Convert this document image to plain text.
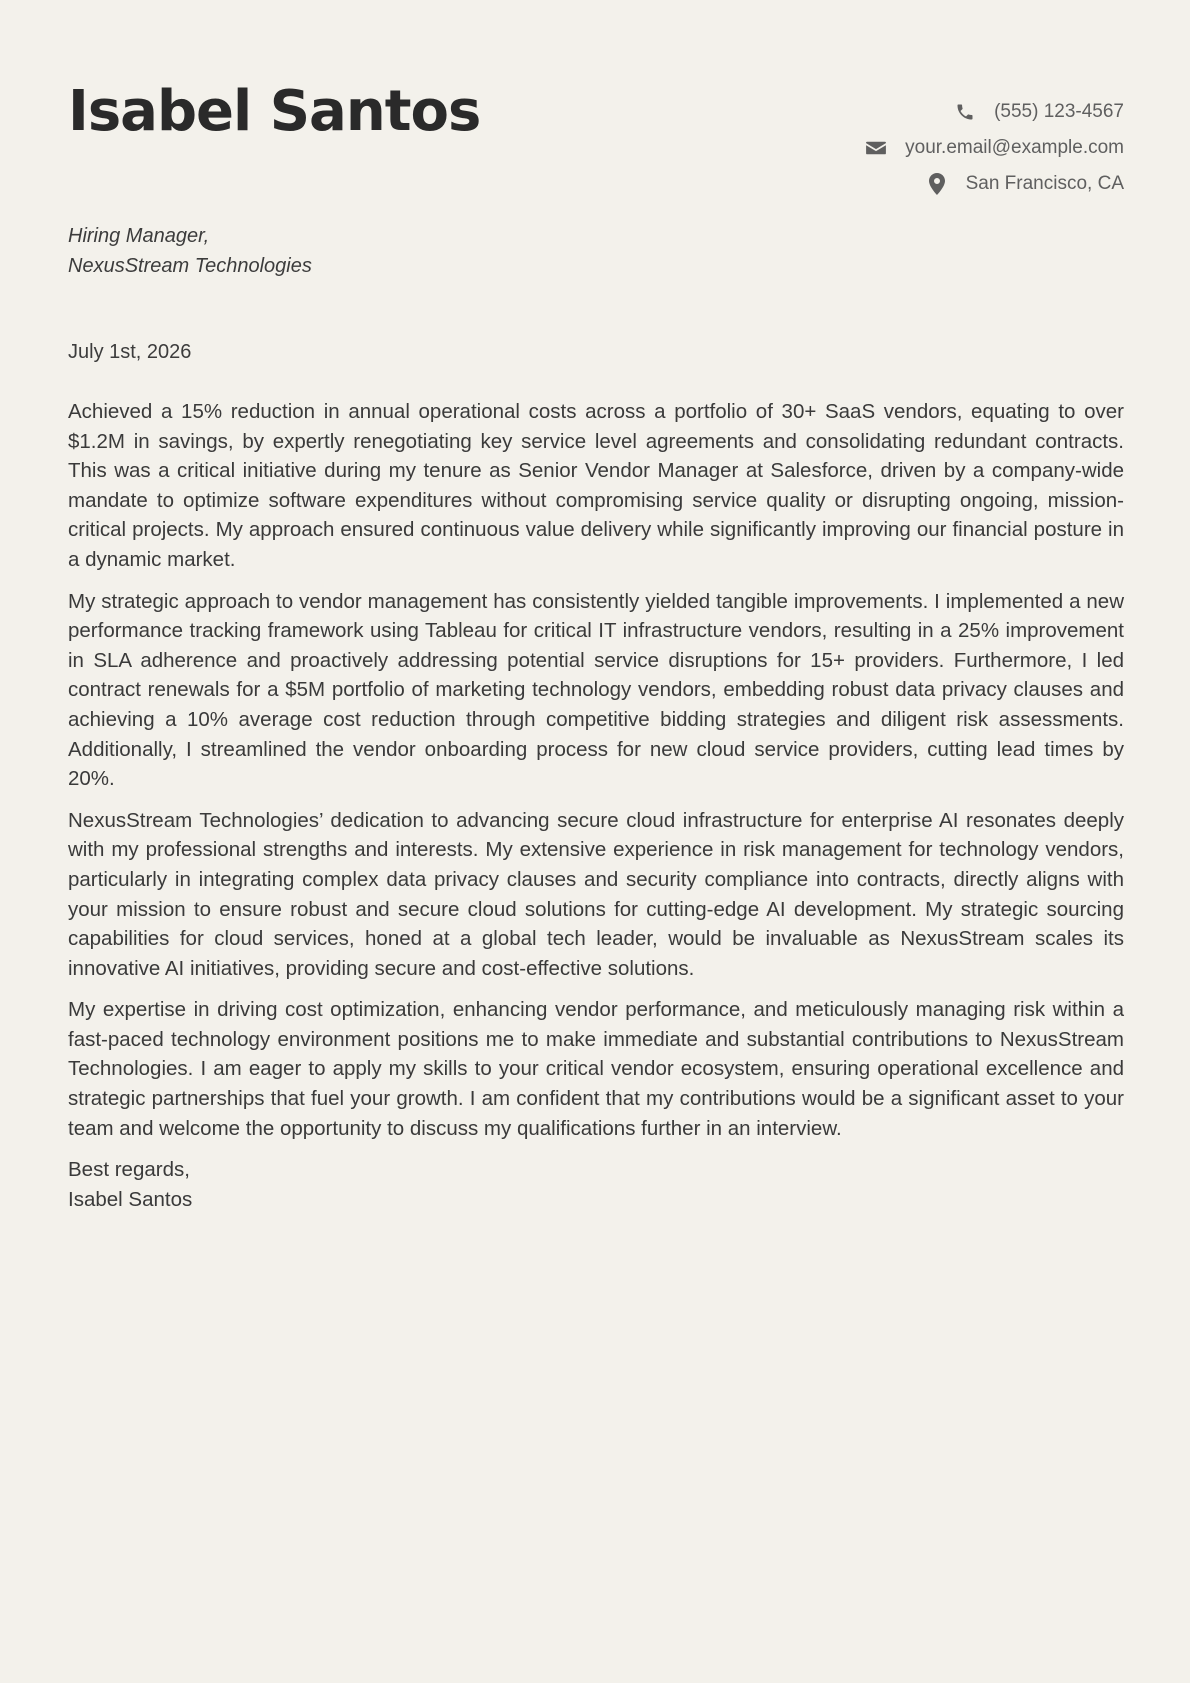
Isabel Santos	(555) 123-4567
your.email@example.com
San Francisco, CA
Hiring Manager,
NexusStream Technologies
July 1st, 2026

Achieved a 15% reduction in annual operational costs across a portfolio of 30+ SaaS vendors, equating to over $1.2M in savings, by expertly renegotiating key service level agreements and consolidating redundant contracts. This was a critical initiative during my tenure as Senior Vendor Manager at Salesforce, driven by a company-wide mandate to optimize software expenditures without compromising service quality or disrupting ongoing, mission-critical projects. My approach ensured continuous value delivery while significantly improving our financial posture in a dynamic market.

My strategic approach to vendor management has consistently yielded tangible improvements. I implemented a new performance tracking framework using Tableau for critical IT infrastructure vendors, resulting in a 25% improvement in SLA adherence and proactively addressing potential service disruptions for 15+ providers. Furthermore, I led contract renewals for a $5M portfolio of marketing technology vendors, embedding robust data privacy clauses and achieving a 10% average cost reduction through competitive bidding strategies and diligent risk assessments. Additionally, I streamlined the vendor onboarding process for new cloud service providers, cutting lead times by 20%.

NexusStream Technologies’ dedication to advancing secure cloud infrastructure for enterprise AI resonates deeply with my professional strengths and interests. My extensive experience in risk management for technology vendors, particularly in integrating complex data privacy clauses and security compliance into contracts, directly aligns with your mission to ensure robust and secure cloud solutions for cutting-edge AI development. My strategic sourcing capabilities for cloud services, honed at a global tech leader, would be invaluable as NexusStream scales its innovative AI initiatives, providing secure and cost-effective solutions.

My expertise in driving cost optimization, enhancing vendor performance, and meticulously managing risk within a fast-paced technology environment positions me to make immediate and substantial contributions to NexusStream Technologies. I am eager to apply my skills to your critical vendor ecosystem, ensuring operational excellence and strategic partnerships that fuel your growth. I am confident that my contributions would be a significant asset to your team and welcome the opportunity to discuss my qualifications further in an interview.

Best regards,
Isabel Santos
